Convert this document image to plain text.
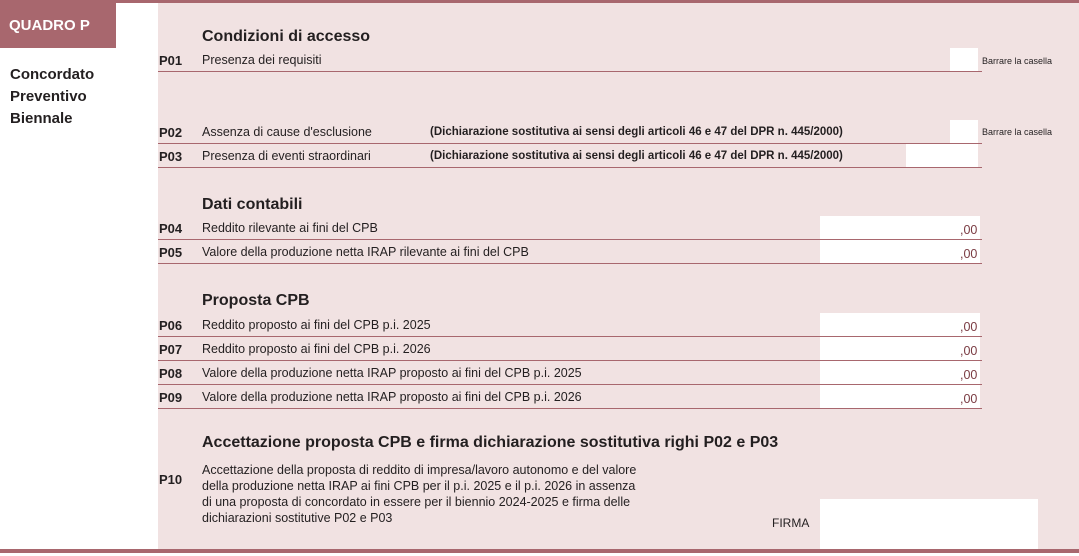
QUADRO P
Concordato
Preventivo
Biennale
Condizioni di accesso
P01 Presenza dei requisiti	Barrare la casella
P02 Assenza di cause d'esclusione	(Dichiarazione sostitutiva ai sensi degli articoli 46 e 47 del DPR n. 445/2000)	Barrare la casella
P03 Presenza di eventi straordinari	(Dichiarazione sostitutiva ai sensi degli articoli 46 e 47 del DPR n. 445/2000)
Dati contabili
P04 Reddito rilevante ai fini del CPB	,00
P05 Valore della produzione netta IRAP rilevante ai fini del CPB	,00
Proposta CPB
P06 Reddito proposto ai fini del CPB p.i. 2025	,00
P07 Reddito proposto ai fini del CPB p.i. 2026	,00
P08 Valore della produzione netta IRAP proposto ai fini del CPB p.i. 2025	,00
P09 Valore della produzione netta IRAP proposto ai fini del CPB p.i. 2026	,00
Accettazione proposta CPB e firma dichiarazione sostitutiva righi P02 e P03
P10
Accettazione della proposta di reddito di impresa/lavoro autonomo e del valore
della produzione netta IRAP ai fini CPB per il p.i. 2025 e il p.i. 2026 in assenza
di una proposta di concordato in essere per il biennio 2024-2025 e firma delle
dichiarazioni sostitutive P02 e P03	FIRMA
